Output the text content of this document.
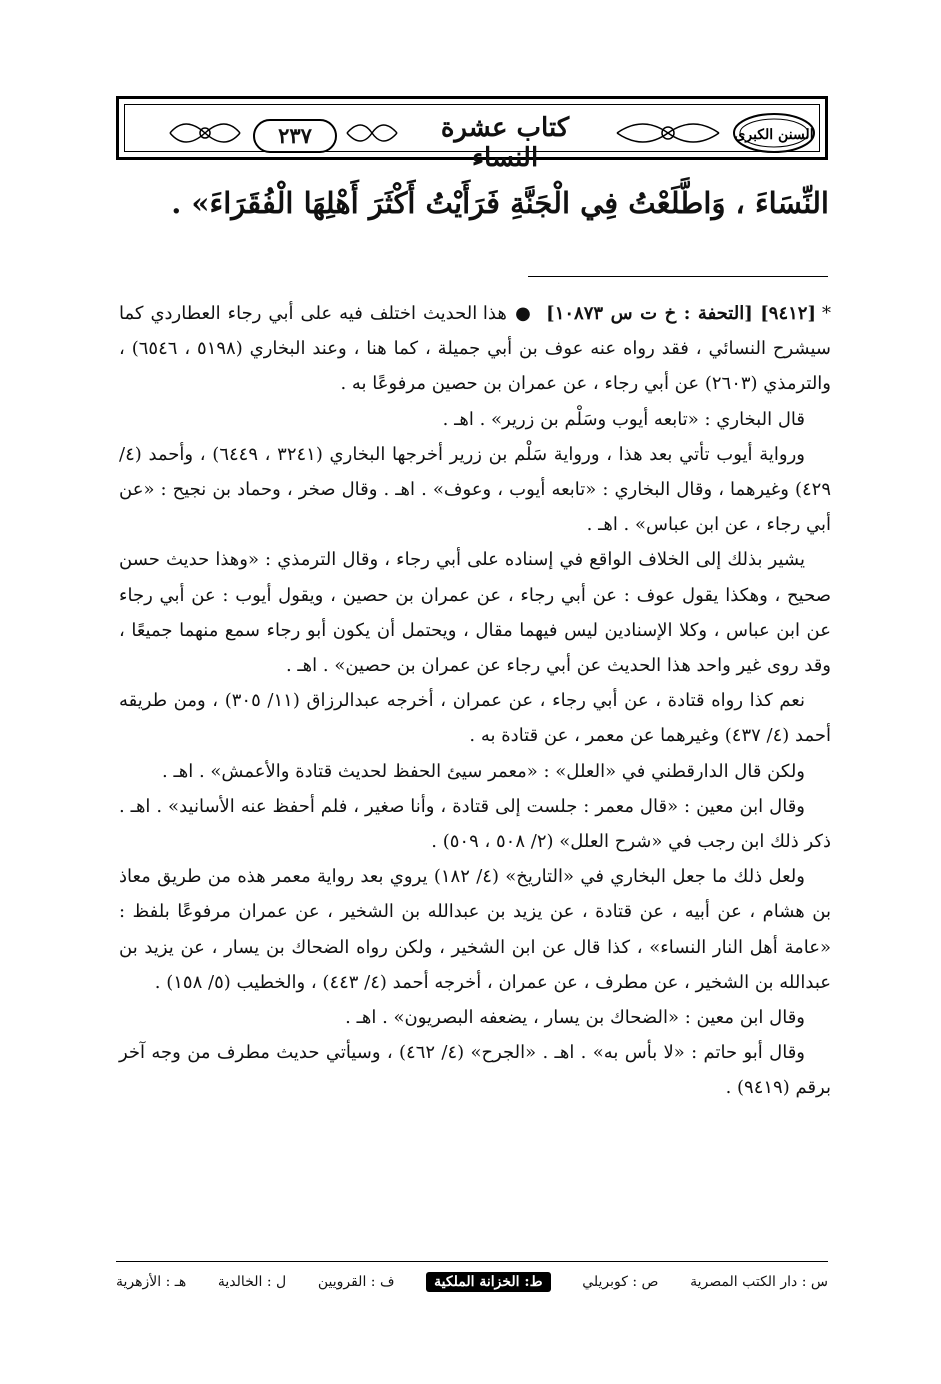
٢٣٧	كتاب عشرة النساء
السنن الكبرى
النِّسَاءَ ، وَاطَّلَعْتُ فِي الْجَنَّةِ فَرَأَيْتُ أَكْثَرَ أَهْلِهَا الْفُقَرَاءَ» .

*[٩٤١٢] [التحفة : خ ت س ١٠٨٧٣]● هذا الحديث اختلف فيه على أبي رجاء العطاردي كما سيشرح النسائي ، فقد رواه عنه عوف بن أبي جميلة ، كما هنا ، وعند البخاري (٥١٩٨ ، ٦٥٤٦) ، والترمذي (٢٦٠٣) عن أبي رجاء ، عن عمران بن حصين مرفوعًا به .

قال البخاري : «تابعه أيوب وسَلْم بن زرير» . اهـ .

ورواية أيوب تأتي بعد هذا ، ورواية سَلْم بن زرير أخرجها البخاري (٣٢٤١ ، ٦٤٤٩) ، وأحمد (٤/ ٤٢٩) وغيرهما ، وقال البخاري : «تابعه أيوب ، وعوف» . اهـ . وقال صخر ، وحماد بن نجيح : «عن أبي رجاء ، عن ابن عباس» . اهـ .

يشير بذلك إلى الخلاف الواقع في إسناده على أبي رجاء ، وقال الترمذي : «وهذا حديث حسن صحيح ، وهكذا يقول عوف : عن أبي رجاء ، عن عمران بن حصين ، ويقول أيوب : عن أبي رجاء عن ابن عباس ، وكلا الإسنادين ليس فيهما مقال ، ويحتمل أن يكون أبو رجاء سمع منهما جميعًا ، وقد روى غير واحد هذا الحديث عن أبي رجاء عن عمران بن حصين» . اهـ .

نعم كذا رواه قتادة ، عن أبي رجاء ، عن عمران ، أخرجه عبدالرزاق (١١/ ٣٠٥) ، ومن طريقه أحمد (٤/ ٤٣٧) وغيرهما عن معمر ، عن قتادة به .

ولكن قال الدارقطني في «العلل» : «معمر سيئ الحفظ لحديث قتادة والأعمش» . اهـ .

وقال ابن معين : «قال معمر : جلست إلى قتادة ، وأنا صغير ، فلم أحفظ عنه الأسانيد» . اهـ . ذكر ذلك ابن رجب في «شرح العلل» (٢/ ٥٠٨ ، ٥٠٩) .

ولعل ذلك ما جعل البخاري في «التاريخ» (٤/ ١٨٢) يروي بعد رواية معمر هذه من طريق معاذ بن هشام ، عن أبيه ، عن قتادة ، عن يزيد بن عبدالله بن الشخير ، عن عمران مرفوعًا بلفظ : «عامة أهل النار النساء» ، كذا قال عن ابن الشخير ، ولكن رواه الضحاك بن يسار ، عن يزيد بن عبدالله بن الشخير ، عن مطرف ، عن عمران ، أخرجه أحمد (٤/ ٤٤٣) ، والخطيب (٥/ ١٥٨) .

وقال ابن معين : «الضحاك بن يسار ، يضعفه البصريون» . اهـ .

وقال أبو حاتم : «لا بأس به» . اهـ . «الجرح» (٤/ ٤٦٢) ، وسيأتي حديث مطرف من وجه آخر برقم (٩٤١٩) .

س : دار الكتب المصرية
ص : كوبريلي
ط: الخزانة الملكية
ف : القرويين
ل : الخالدية
هـ : الأزهرية
